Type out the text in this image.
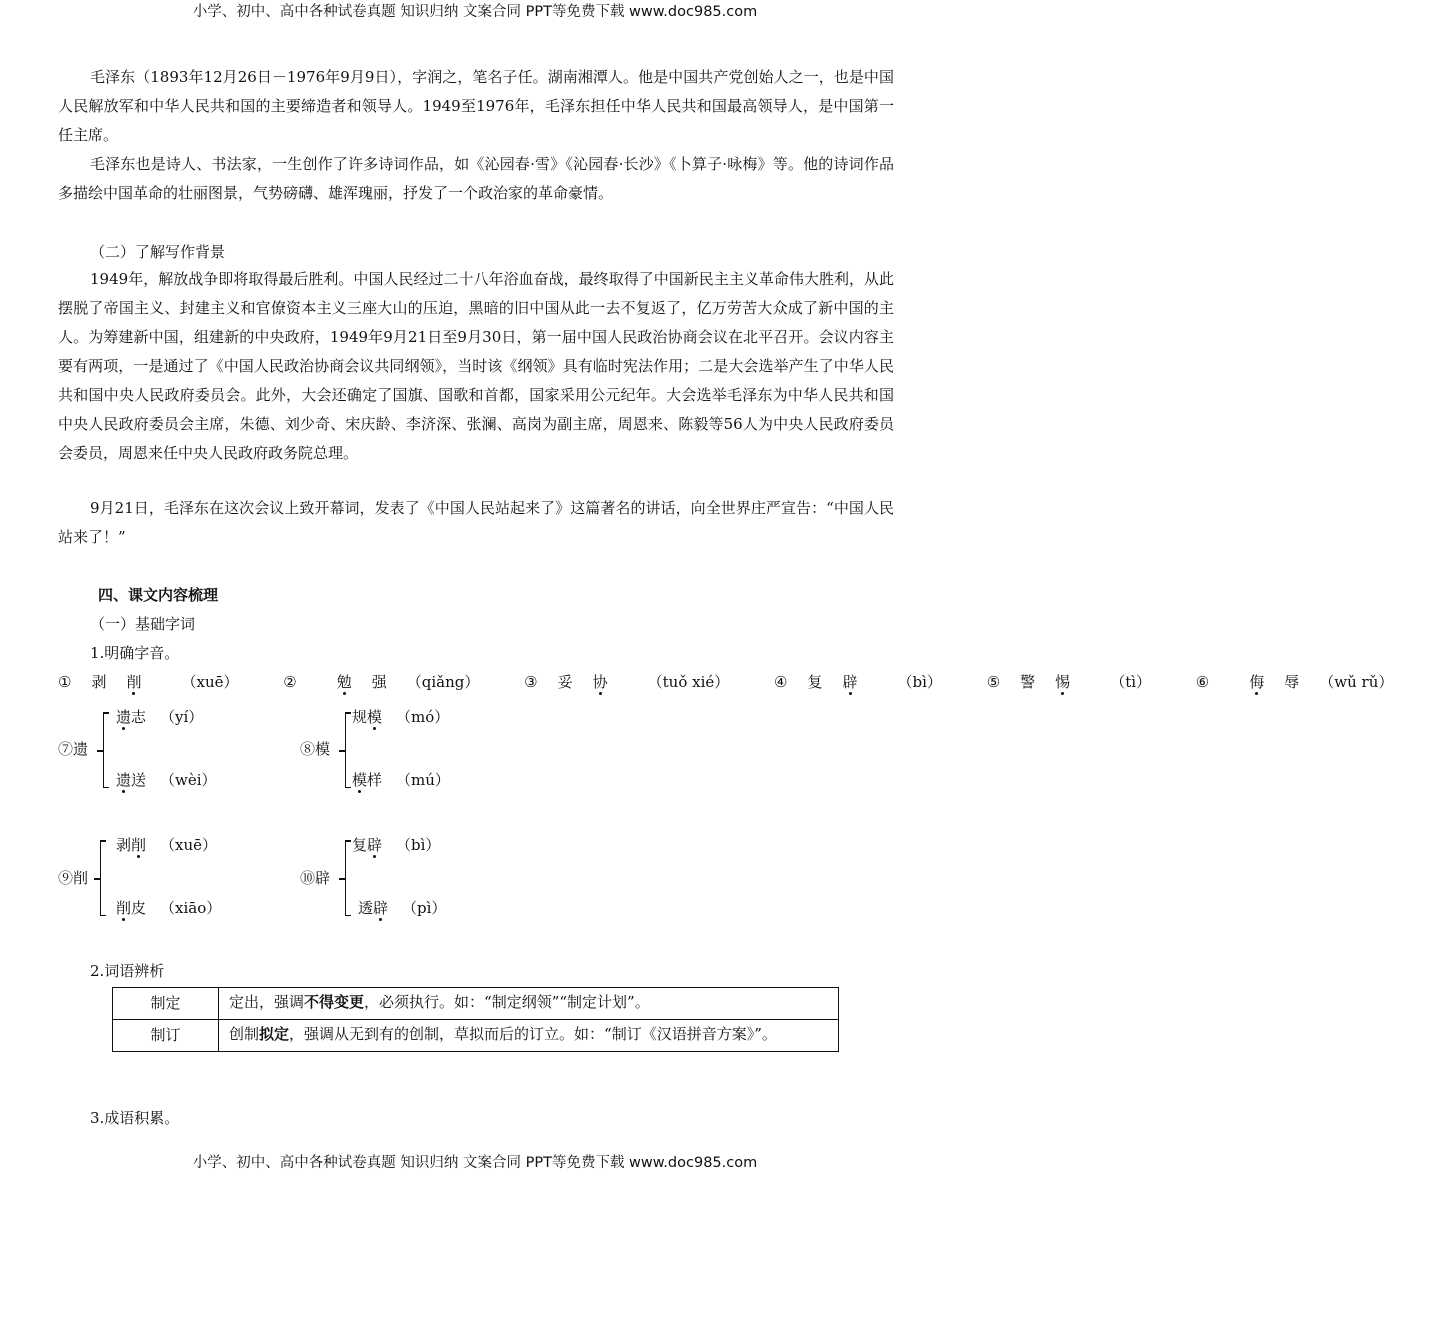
小学、初中、高中各种试卷真题 知识归纳 文案合同 PPT等免费下载 www.doc985.com

毛泽东（1893年12月26日－1976年9月9日），字润之，笔名子任。湖南湘潭人。他是中国共产党创始人之一，也是中国人民解放军和中华人民共和国的主要缔造者和领导人。1949至1976年，毛泽东担任中华人民共和国最高领导人，是中国第一任主席。

毛泽东也是诗人、书法家，一生创作了许多诗词作品，如《沁园春·雪》《沁园春·长沙》《卜算子·咏梅》等。他的诗词作品多描绘中国革命的壮丽图景，气势磅礴、雄浑瑰丽，抒发了一个政治家的革命豪情。

（二）了解写作背景

1949年，解放战争即将取得最后胜利。中国人民经过二十八年浴血奋战，最终取得了中国新民主主义革命伟大胜利，从此摆脱了帝国主义、封建主义和官僚资本主义三座大山的压迫，黑暗的旧中国从此一去不复返了，亿万劳苦大众成了新中国的主人。为筹建新中国，组建新的中央政府，1949年9月21日至9月30日，第一届中国人民政治协商会议在北平召开。会议内容主要有两项，一是通过了《中国人民政治协商会议共同纲领》，当时该《纲领》具有临时宪法作用；二是大会选举产生了中华人民共和国中央人民政府委员会。此外，大会还确定了国旗、国歌和首都，国家采用公元纪年。大会选举毛泽东为中华人民共和国中央人民政府委员会主席，朱德、刘少奇、宋庆龄、李济深、张澜、高岗为副主席，周恩来、陈毅等56人为中央人民政府委员会委员，周恩来任中央人民政府政务院总理。

9月21日，毛泽东在这次会议上致开幕词，发表了《中国人民站起来了》这篇著名的讲话，向全世界庄严宣告：“中国人民站来了！”

四、课文内容梳理
（一）基础字词
1.明确字音。
① 剥 削	（xuē）	②	勉 强 （qiǎng）	③ 妥 协	（tuǒ xié）	④ 复 辟	（bì）	⑤ 警 惕	（tì）	⑥	侮 辱 （wǔ rǔ）
⑦遗
遗志 （yí）
遗送 （wèi）
⑧模
规模 （mó）
模样 （mú）
⑨削
剥削 （xuē）
削皮 （xiāo）
⑩辟
复辟 （bì）
透辟 （pì）
2.词语辨析
制定	定出，强调不得变更，必须执行。如：“制定纲领”“制定计划”。
制订	创制拟定，强调从无到有的创制，草拟而后的订立。如：“制订《汉语拼音方案》”。
3.成语积累。
小学、初中、高中各种试卷真题 知识归纳 文案合同 PPT等免费下载 www.doc985.com
